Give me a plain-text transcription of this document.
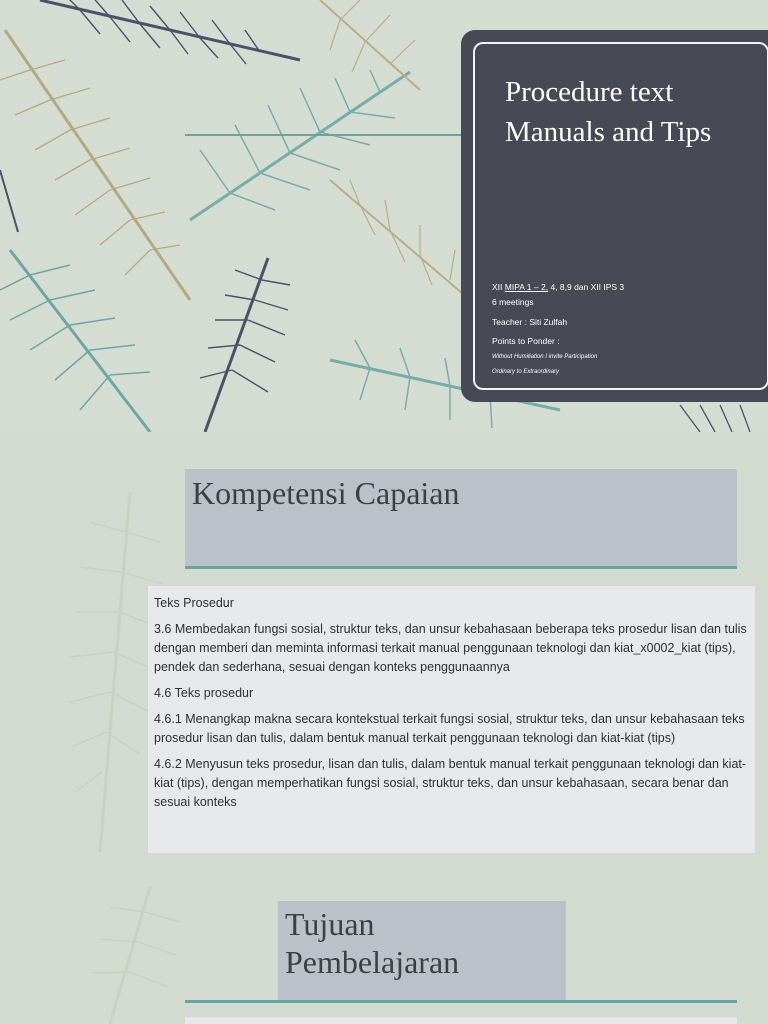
Procedure text
Manuals and Tips
XII MIPA 1 – 2, 4, 8,9 dan XII IPS 3
6 meetings
Teacher : Siti Zulfah
Points to Ponder :
Without Humiliation I invite Participation
Ordinary to Extraordinary
Kompetensi Capaian

Teks Prosedur

3.6 Membedakan fungsi sosial, struktur teks, dan unsur kebahasaan beberapa teks prosedur lisan dan tulis dengan memberi dan meminta informasi terkait manual penggunaan teknologi dan kiat_x0002_kiat (tips), pendek dan sederhana, sesuai dengan konteks penggunaannya

4.6 Teks prosedur

4.6.1 Menangkap makna secara kontekstual terkait fungsi sosial, struktur teks, dan unsur kebahasaan teks prosedur lisan dan tulis, dalam bentuk manual terkait penggunaan teknologi dan kiat-kiat (tips)

4.6.2 Menyusun teks prosedur, lisan dan tulis, dalam bentuk manual terkait penggunaan teknologi dan kiat-kiat (tips), dengan memperhatikan fungsi sosial, struktur teks, dan unsur kebahasaan, secara benar dan sesuai konteks

Tujuan
Pembelajaran
